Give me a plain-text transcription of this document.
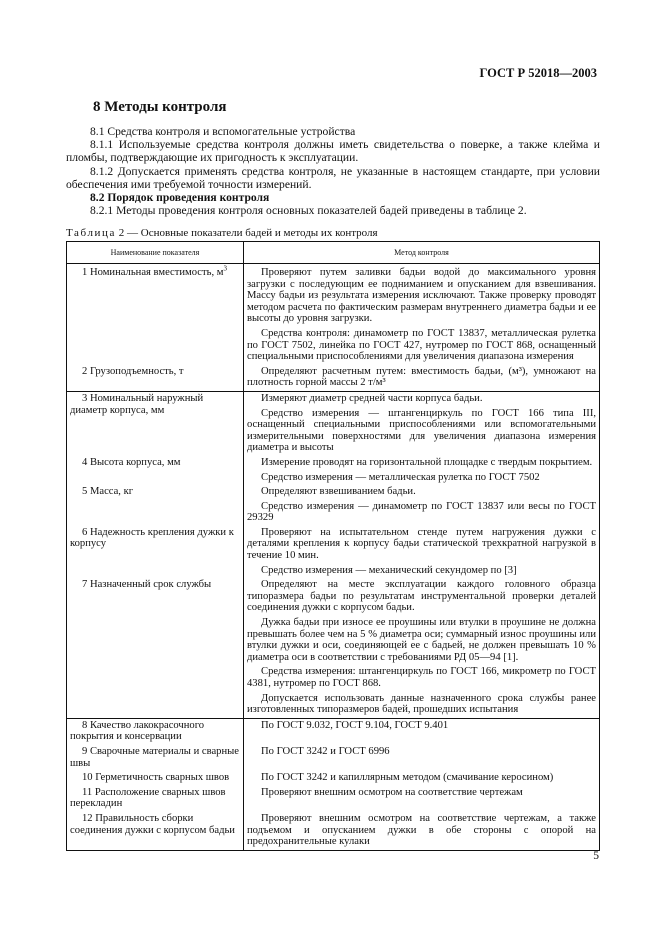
ГОСТ Р 52018—2003
8 Методы контроля

8.1 Средства контроля и вспомогательные устройства

8.1.1 Используемые средства контроля должны иметь свидетельства о поверке, а также клейма и пломбы, подтверждающие их пригодность к эксплуатации.

8.1.2 Допускается применять средства контроля, не указанные в настоящем стандарте, при условии обеспечения ими требуемой точности измерений.

8.2 Порядок проведения контроля

8.2.1 Методы проведения контроля основных показателей бадей приведены в таблице 2.

Таблица 2 — Основные показатели бадей и методы их контроля
Наименование показателя	Метод контроля

1 Номинальная вместимость, $м^3$	Проверяют путем заливки бадьи водой до максимального уровня загрузки с последующим ее подниманием и опусканием для взвешивания. Массу бадьи из результата измерения исключают. Также проверку проводят методом расчета по фактическим размерам внутреннего диаметра бадьи и ее высоты до уровня загрузки.

Средства контроля: динамометр по ГОСТ 13837, металлическая рулетка по ГОСТ 7502, линейка по ГОСТ 427, нутромер по ГОСТ 868, оснащенный специальными приспособлениями для увеличения диапазона измерения

2 Грузоподъемность, т	Определяют расчетным путем: вместимость бадьи, (м³), умножают на плотность горной массы 2 т/м³

3 Номинальный наружный диаметр корпуса, мм	Измеряют диаметр средней части корпуса бадьи.

Средство измерения — штангенциркуль по ГОСТ 166 типа III, оснащенный специальными приспособлениями или вспомогательными измерительными поверхностями для увеличения диапазона измерения диаметра и высоты

4 Высота корпуса, мм	Измерение проводят на горизонтальной площадке с твердым покрытием.

Средство измерения — металлическая рулетка по ГОСТ 7502

5 Масса, кг	Определяют взвешиванием бадьи.

Средство измерения — динамометр по ГОСТ 13837 или весы по ГОСТ 29329

6 Надежность крепления дужки к корпусу	Проверяют на испытательном стенде путем нагружения дужки с деталями крепления к корпусу бадьи статической трехкратной нагрузкой в течение 10 мин.

Средство измерения — механический секундомер по [3]

7 Назначенный срок службы	Определяют на месте эксплуатации каждого головного образца типоразмера бадьи по результатам инструментальной проверки деталей соединения дужки с корпусом бадьи.

Дужка бадьи при износе ее проушины или втулки в проушине не должна превышать более чем на 5 % диаметра оси; суммарный износ проушины или втулки дужки и оси, соединяющей ее с бадьей, не должен превышать 10 % диаметра оси в соответствии с требованиями РД 05—94 [1].

Средства измерения: штангенциркуль по ГОСТ 166, микрометр по ГОСТ 4381, нутромер по ГОСТ 868.

Допускается использовать данные назначенного срока службы ранее изготовленных типоразмеров бадей, прошедших испытания

8 Качество лакокрасочного покрытия и консервации	По ГОСТ 9.032, ГОСТ 9.104, ГОСТ 9.401

9 Сварочные материалы и сварные швы	По ГОСТ 3242 и ГОСТ 6996

10 Герметичность сварных швов	По ГОСТ 3242 и капиллярным методом (смачивание керосином)

11 Расположение сварных швов перекладин	Проверяют внешним осмотром на соответствие чертежам

12 Правильность сборки соединения дужки с корпусом бадьи	Проверяют внешним осмотром на соответствие чертежам, а также подъемом и опусканием дужки в обе стороны с опорой на предохранительные кулаки

5
